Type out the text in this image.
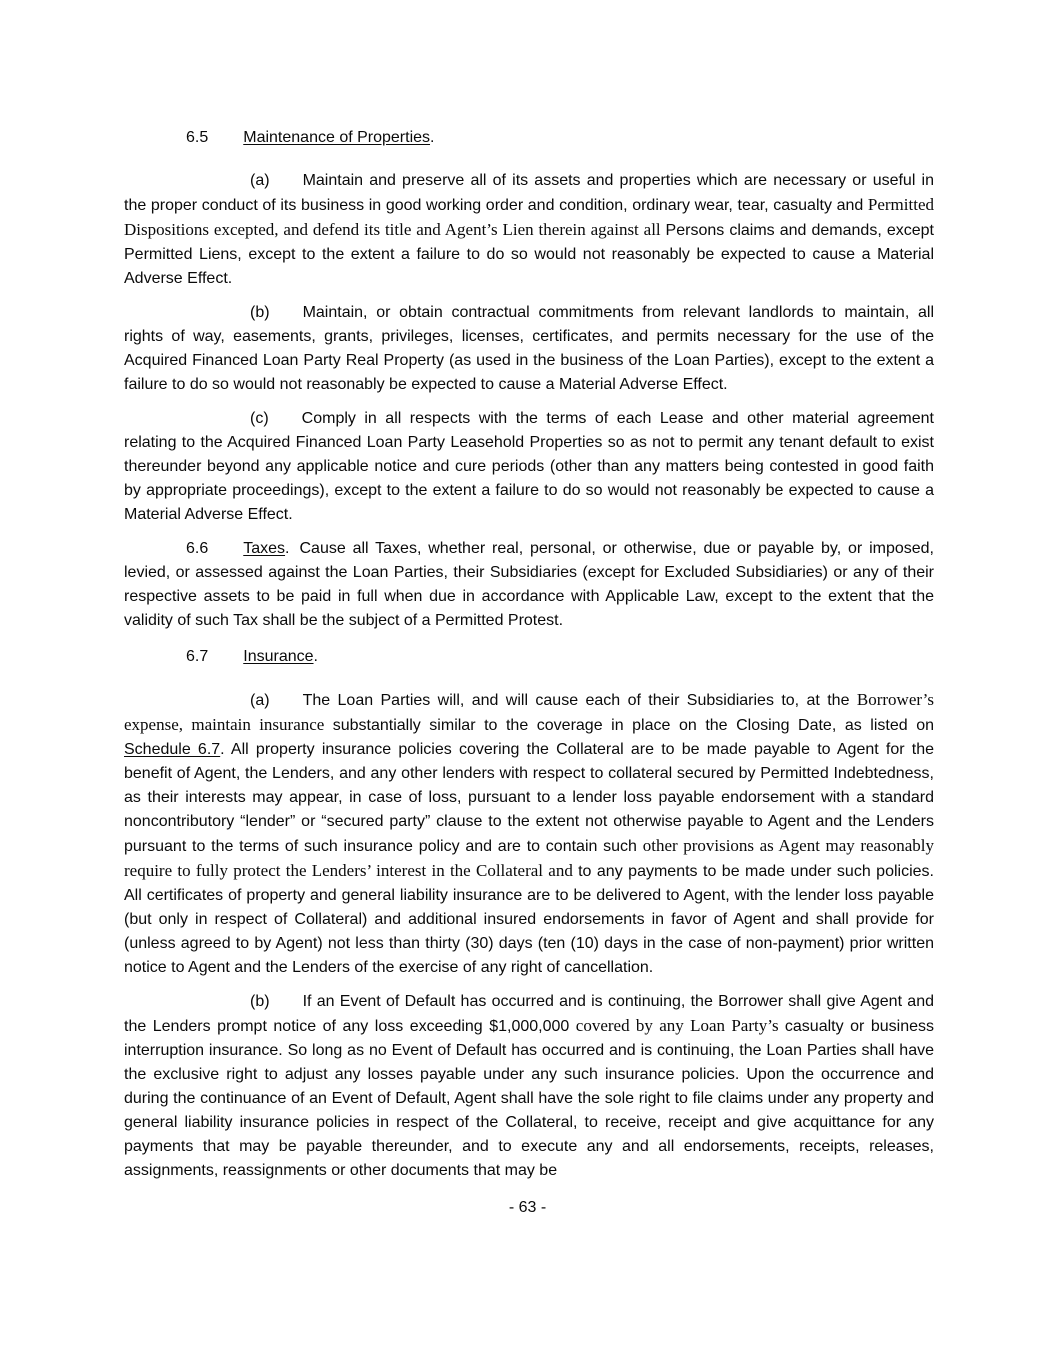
6.5 Maintenance of Properties.

(a) Maintain and preserve all of its assets and properties which are necessary or useful in the proper conduct of its business in good working order and condition, ordinary wear, tear, casualty and Permitted Dispositions excepted, and defend its title and Agent’s Lien therein against all Persons claims and demands, except Permitted Liens, except to the extent a failure to do so would not reasonably be expected to cause a Material Adverse Effect.

(b) Maintain, or obtain contractual commitments from relevant landlords to maintain, all rights of way, easements, grants, privileges, licenses, certificates, and permits necessary for the use of the Acquired Financed Loan Party Real Property (as used in the business of the Loan Parties), except to the extent a failure to do so would not reasonably be expected to cause a Material Adverse Effect.

(c) Comply in all respects with the terms of each Lease and other material agreement relating to the Acquired Financed Loan Party Leasehold Properties so as not to permit any tenant default to exist thereunder beyond any applicable notice and cure periods (other than any matters being contested in good faith by appropriate proceedings), except to the extent a failure to do so would not reasonably be expected to cause a Material Adverse Effect.

6.6 Taxes. Cause all Taxes, whether real, personal, or otherwise, due or payable by, or imposed, levied, or assessed against the Loan Parties, their Subsidiaries (except for Excluded Subsidiaries) or any of their respective assets to be paid in full when due in accordance with Applicable Law, except to the extent that the validity of such Tax shall be the subject of a Permitted Protest.

6.7 Insurance.

(a) The Loan Parties will, and will cause each of their Subsidiaries to, at the Borrower’s expense, maintain insurance substantially similar to the coverage in place on the Closing Date, as listed on Schedule 6.7. All property insurance policies covering the Collateral are to be made payable to Agent for the benefit of Agent, the Lenders, and any other lenders with respect to collateral secured by Permitted Indebtedness, as their interests may appear, in case of loss, pursuant to a lender loss payable endorsement with a standard noncontributory “lender” or “secured party” clause to the extent not otherwise payable to Agent and the Lenders pursuant to the terms of such insurance policy and are to contain such other provisions as Agent may reasonably require to fully protect the Lenders’ interest in the Collateral and to any payments to be made under such policies. All certificates of property and general liability insurance are to be delivered to Agent, with the lender loss payable (but only in respect of Collateral) and additional insured endorsements in favor of Agent and shall provide for (unless agreed to by Agent) not less than thirty (30) days (ten (10) days in the case of non-payment) prior written notice to Agent and the Lenders of the exercise of any right of cancellation.

(b) If an Event of Default has occurred and is continuing, the Borrower shall give Agent and the Lenders prompt notice of any loss exceeding $1,000,000 covered by any Loan Party’s casualty or business interruption insurance. So long as no Event of Default has occurred and is continuing, the Loan Parties shall have the exclusive right to adjust any losses payable under any such insurance policies. Upon the occurrence and during the continuance of an Event of Default, Agent shall have the sole right to file claims under any property and general liability insurance policies in respect of the Collateral, to receive, receipt and give acquittance for any payments that may be payable thereunder, and to execute any and all endorsements, receipts, releases, assignments, reassignments or other documents that may be

- 63 -
